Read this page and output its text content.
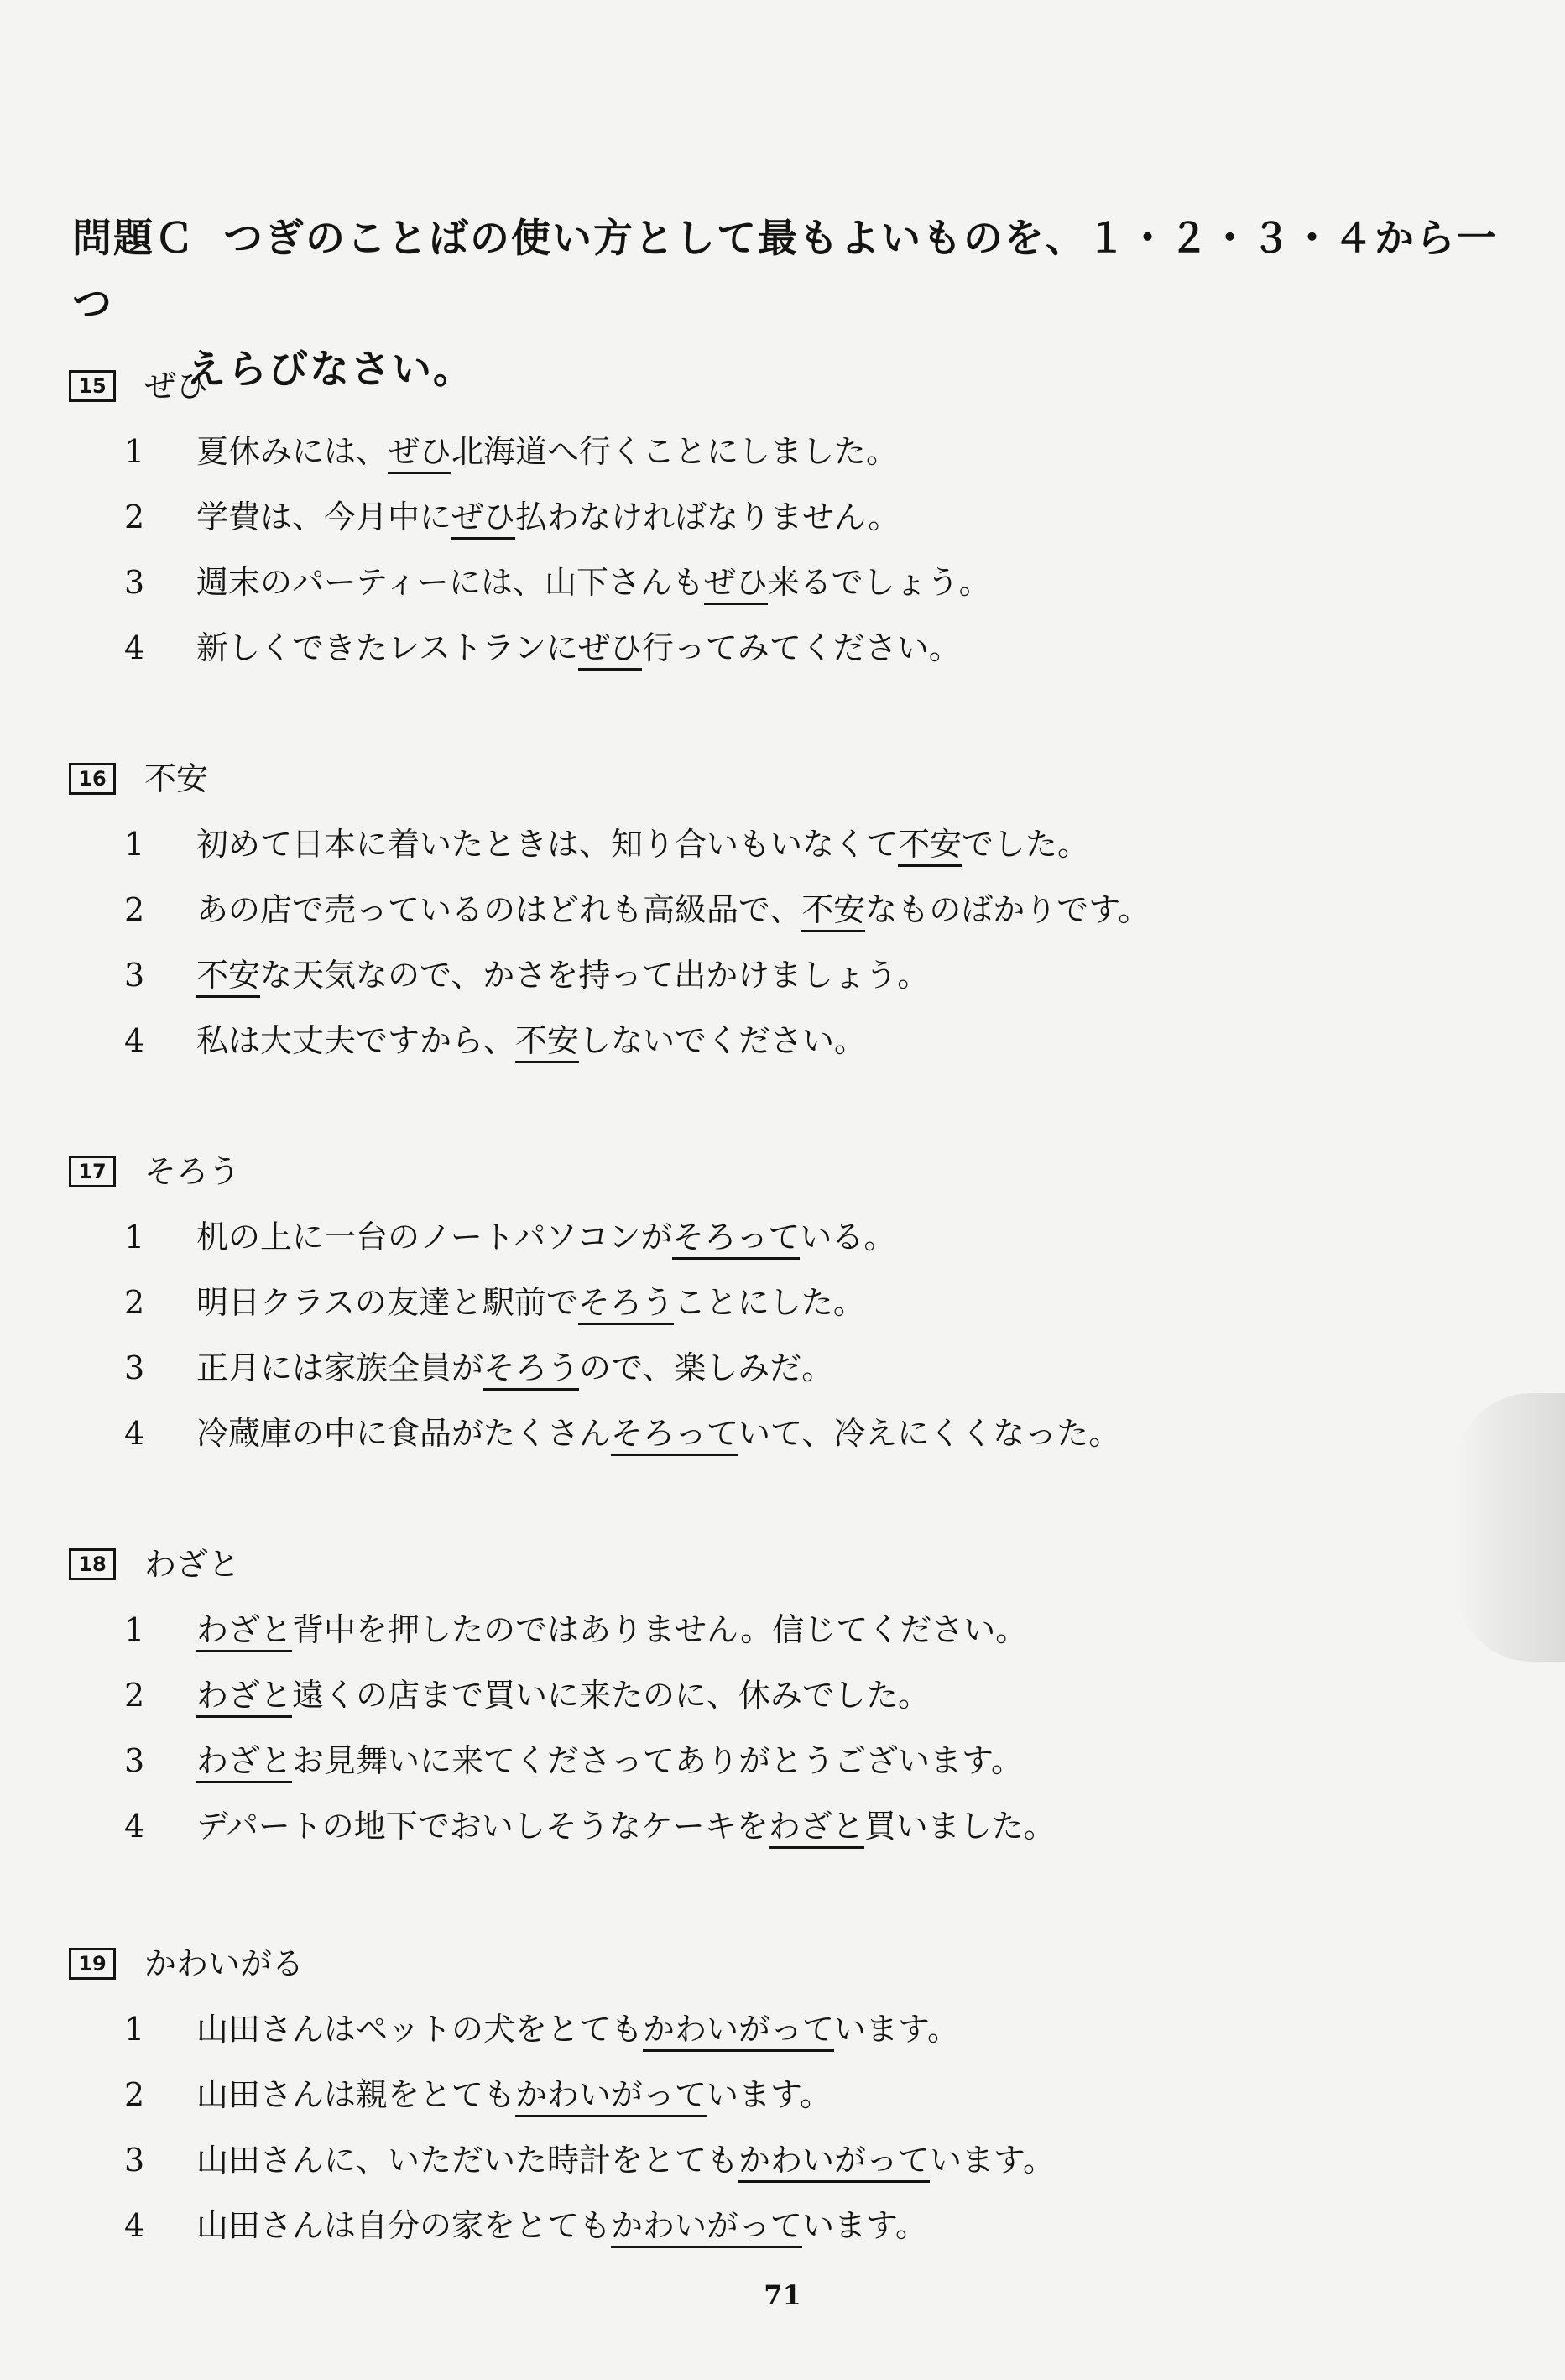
問題Ｃ つぎのことばの使い方として最もよいものを、１・２・３・４から一つ
えらびなさい。
15 ぜひ
1 夏休みには、ぜひ北海道へ行くことにしました。
2 学費は、今月中にぜひ払わなければなりません。
3 週末のパーティーには、山下さんもぜひ来るでしょう。
4 新しくできたレストランにぜひ行ってみてください。
16 不安
1 初めて日本に着いたときは、知り合いもいなくて不安でした。
2 あの店で売っているのはどれも高級品で、不安なものばかりです。
3 不安な天気なので、かさを持って出かけましょう。
4 私は大丈夫ですから、不安しないでください。
17 そろう
1 机の上に一台のノートパソコンがそろっている。
2 明日クラスの友達と駅前でそろうことにした。
3 正月には家族全員がそろうので、楽しみだ。
4 冷蔵庫の中に食品がたくさんそろっていて、冷えにくくなった。
18 わざと
1 わざと背中を押したのではありません。信じてください。
2 わざと遠くの店まで買いに来たのに、休みでした。
3 わざとお見舞いに来てくださってありがとうございます。
4 デパートの地下でおいしそうなケーキをわざと買いました。
19 かわいがる
1 山田さんはペットの犬をとてもかわいがっています。
2 山田さんは親をとてもかわいがっています。
3 山田さんに、いただいた時計をとてもかわいがっています。
4 山田さんは自分の家をとてもかわいがっています。
71
